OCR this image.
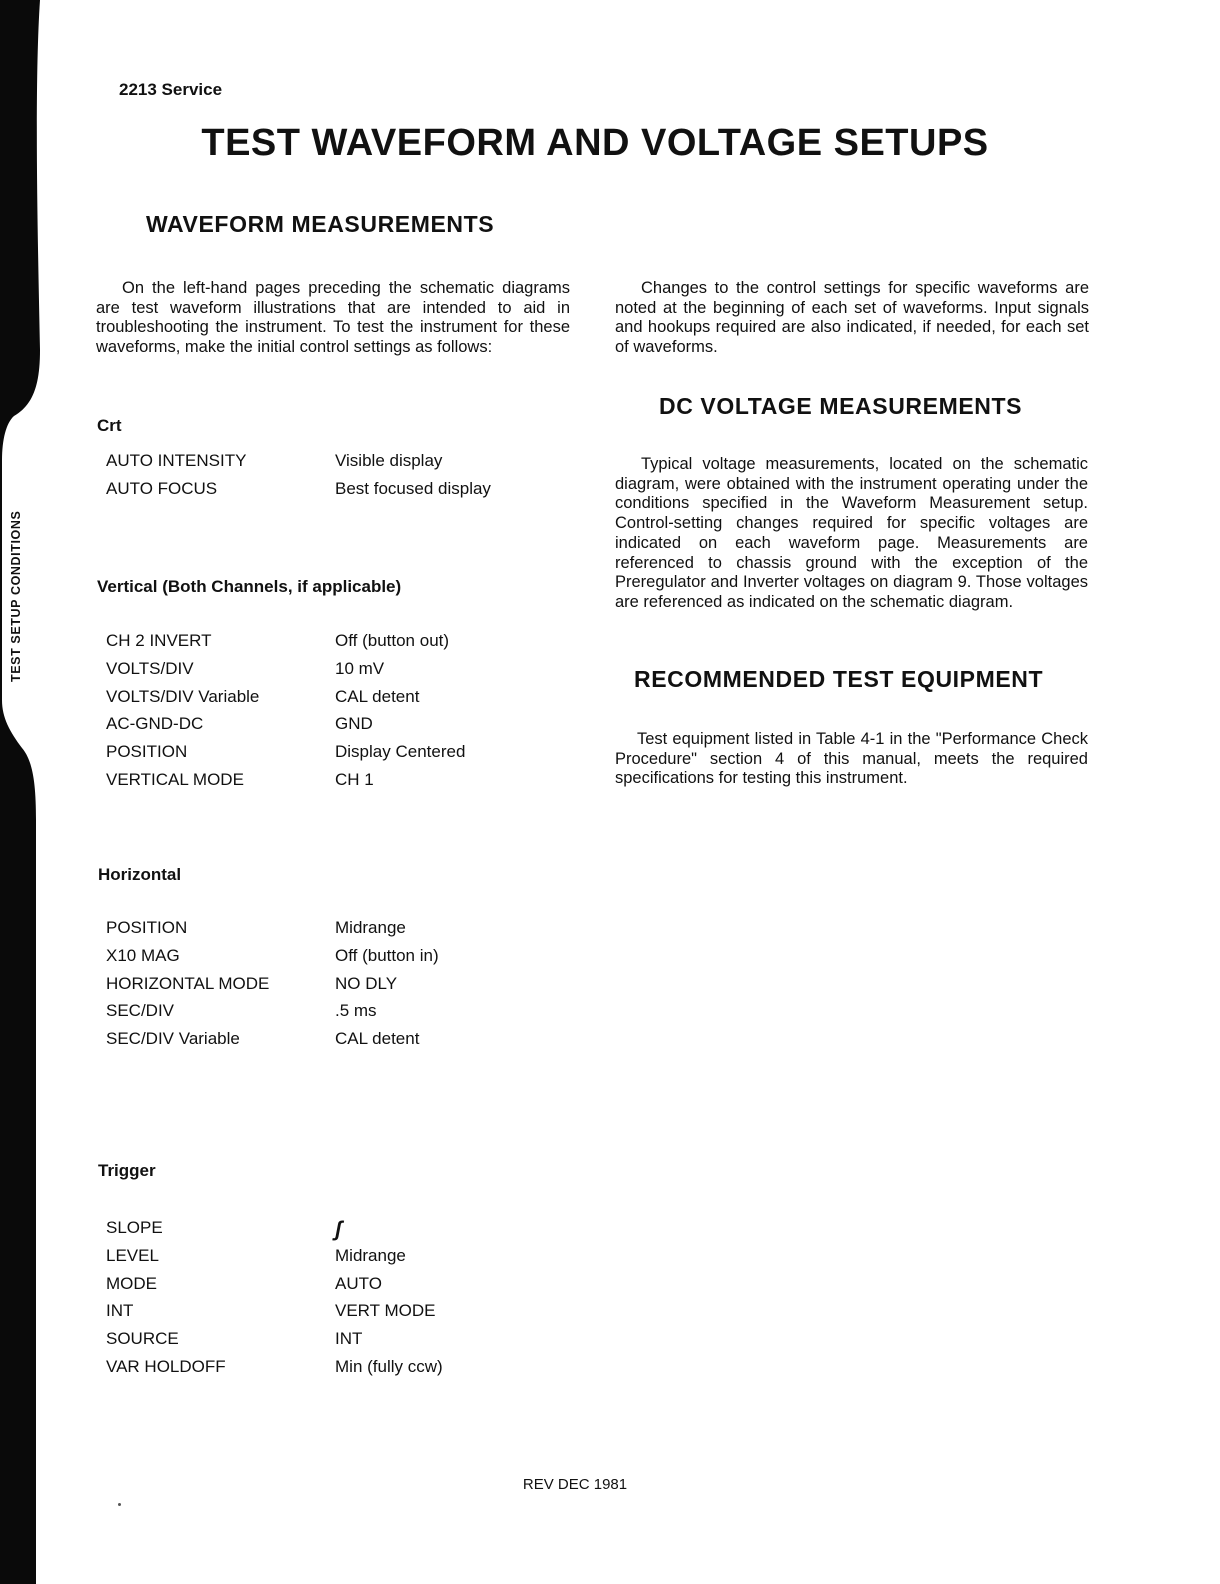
TEST SETUP CONDITIONS
2213 Service
TEST WAVEFORM AND VOLTAGE SETUPS
WAVEFORM MEASUREMENTS

On the left-hand pages preceding the schematic diagrams are test waveform illustrations that are intended to aid in troubleshooting the instrument. To test the instrument for these waveforms, make the initial control settings as follows:

Crt
AUTO INTENSITY	Visible display
AUTO FOCUS	Best focused display
Vertical (Both Channels, if applicable)
CH 2 INVERT	Off (button out)
VOLTS/DIV	10 mV
VOLTS/DIV Variable	CAL detent
AC-GND-DC	GND
POSITION	Display Centered
VERTICAL MODE	CH 1
Horizontal
POSITION	Midrange
X10 MAG	Off (button in)
HORIZONTAL MODE	NO DLY
SEC/DIV	.5 ms
SEC/DIV Variable	CAL detent
Trigger
SLOPE	ʃ
LEVEL	Midrange
MODE	AUTO
INT	VERT MODE
SOURCE	INT
VAR HOLDOFF	Min (fully ccw)

Changes to the control settings for specific waveforms are noted at the beginning of each set of waveforms. Input signals and hookups required are also indicated, if needed, for each set of waveforms.

DC VOLTAGE MEASUREMENTS

Typical voltage measurements, located on the schematic diagram, were obtained with the instrument operating under the conditions specified in the Waveform Measurement setup. Control-setting changes required for specific voltages are indicated on each waveform page. Measurements are referenced to chassis ground with the exception of the Preregulator and Inverter voltages on diagram 9. Those voltages are referenced as indicated on the schematic diagram.

RECOMMENDED TEST EQUIPMENT

Test equipment listed in Table 4-1 in the "Performance Check Procedure" section 4 of this manual, meets the required specifications for testing this instrument.

REV DEC 1981
